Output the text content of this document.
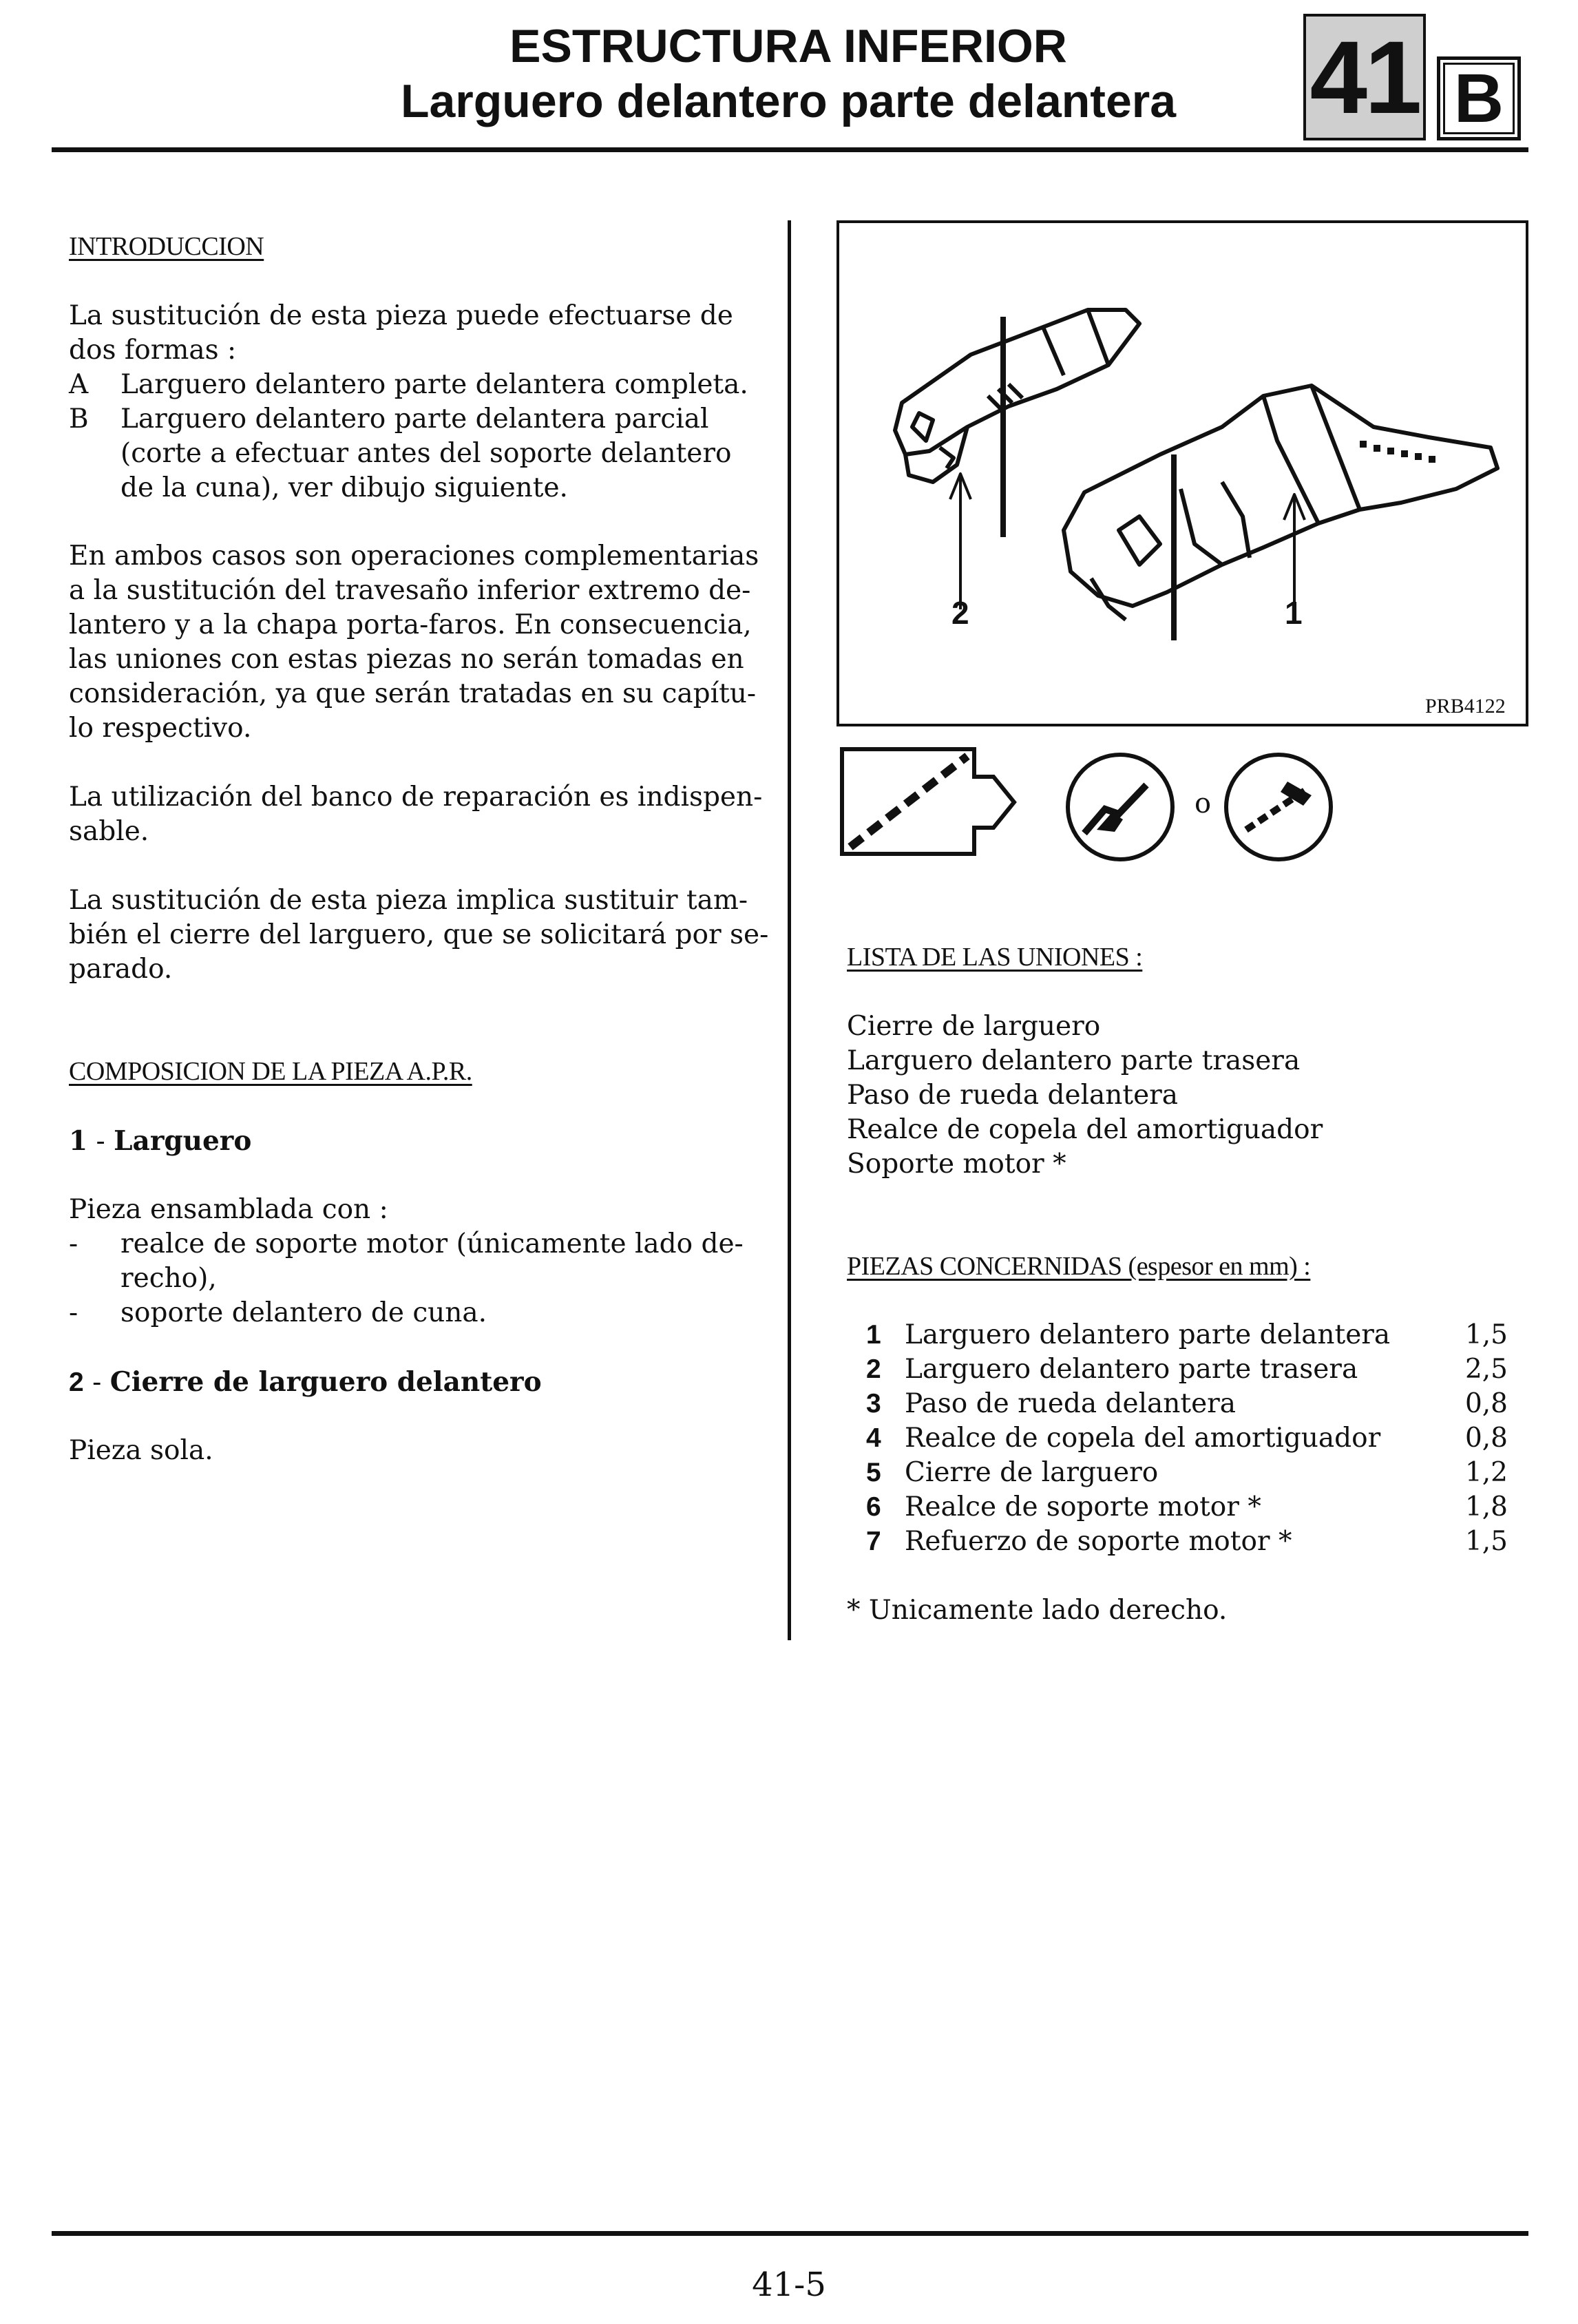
ESTRUCTURA INFERIOR
Larguero delantero parte delantera	41 B
INTRODUCCION
La sustitución de esta pieza puede efectuarse de
dos formas :
A Larguero delantero parte delantera completa.
B Larguero delantero parte delantera parcial
(corte a efectuar antes del soporte delantero
de la cuna), ver dibujo siguiente.
En ambos casos son operaciones complementarias
a la sustitución del travesaño inferior extremo de-
lantero y a la chapa porta-faros. En consecuencia,
las uniones con estas piezas no serán tomadas en
consideración, ya que serán tratadas en su capítu-
lo respectivo.
La utilización del banco de reparación es indispen-
sable.
La sustitución de esta pieza implica sustituir tam-
bién el cierre del larguero, que se solicitará por se-
parado.
COMPOSICION DE LA PIEZA A.P.R.
1 - Larguero
Pieza ensamblada con :
- realce de soporte motor (únicamente lado de-
recho),
- soporte delantero de cuna.
2 - Cierre de larguero delantero
Pieza sola.
2	1
PRB4122
o
LISTA DE LAS UNIONES :
Cierre de larguero
Larguero delantero parte trasera
Paso de rueda delantera
Realce de copela del amortiguador
Soporte motor *
PIEZAS CONCERNIDAS (espesor en mm) :
1 Larguero delantero parte delantera	1,5
2 Larguero delantero parte trasera	2,5
3 Paso de rueda delantera	0,8
4 Realce de copela del amortiguador	0,8
5 Cierre de larguero	1,2
6 Realce de soporte motor *	1,8
7 Refuerzo de soporte motor *	1,5
* Unicamente lado derecho.
41-5
